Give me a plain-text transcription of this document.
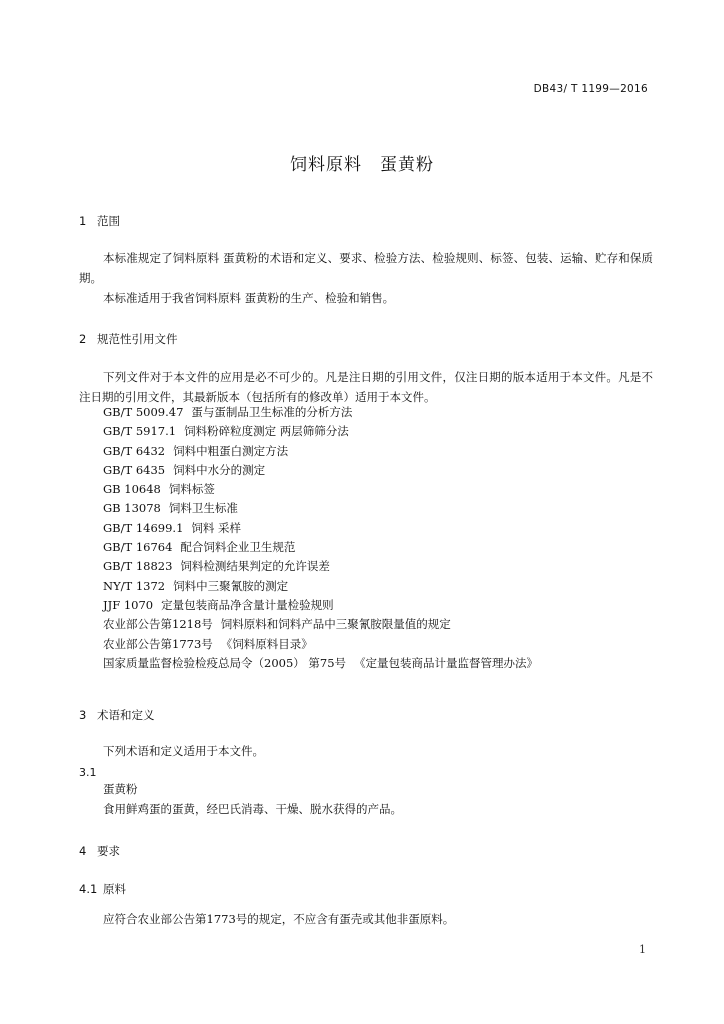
DB43/ T 1199—2016
饲料原料　蛋黄粉
1 范围
本标准规定了饲料原料 蛋黄粉的术语和定义、要求、检验方法、检验规则、标签、包装、运输、贮存和保质期。
本标准适用于我省饲料原料 蛋黄粉的生产、检验和销售。
2 规范性引用文件
下列文件对于本文件的应用是必不可少的。凡是注日期的引用文件，仅注日期的版本适用于本文件。凡是不注日期的引用文件，其最新版本（包括所有的修改单）适用于本文件。
GB/T 5009.47 蛋与蛋制品卫生标准的分析方法
GB/T 5917.1 饲料粉碎粒度测定 两层筛筛分法
GB/T 6432 饲料中粗蛋白测定方法
GB/T 6435 饲料中水分的测定
GB 10648 饲料标签
GB 13078 饲料卫生标准
GB/T 14699.1 饲料 采样
GB/T 16764 配合饲料企业卫生规范
GB/T 18823 饲料检测结果判定的允许误差
NY/T 1372 饲料中三聚氰胺的测定
JJF 1070 定量包装商品净含量计量检验规则
农业部公告第1218号 饲料原料和饲料产品中三聚氰胺限量值的规定
农业部公告第1773号 《饲料原料目录》
国家质量监督检验检疫总局令（2005） 第75号 《定量包装商品计量监督管理办法》
3 术语和定义
下列术语和定义适用于本文件。
3.1
蛋黄粉
食用鲜鸡蛋的蛋黄，经巴氏消毒、干燥、脱水获得的产品。
4 要求
4.1 原料
应符合农业部公告第1773号的规定，不应含有蛋壳或其他非蛋原料。
1
